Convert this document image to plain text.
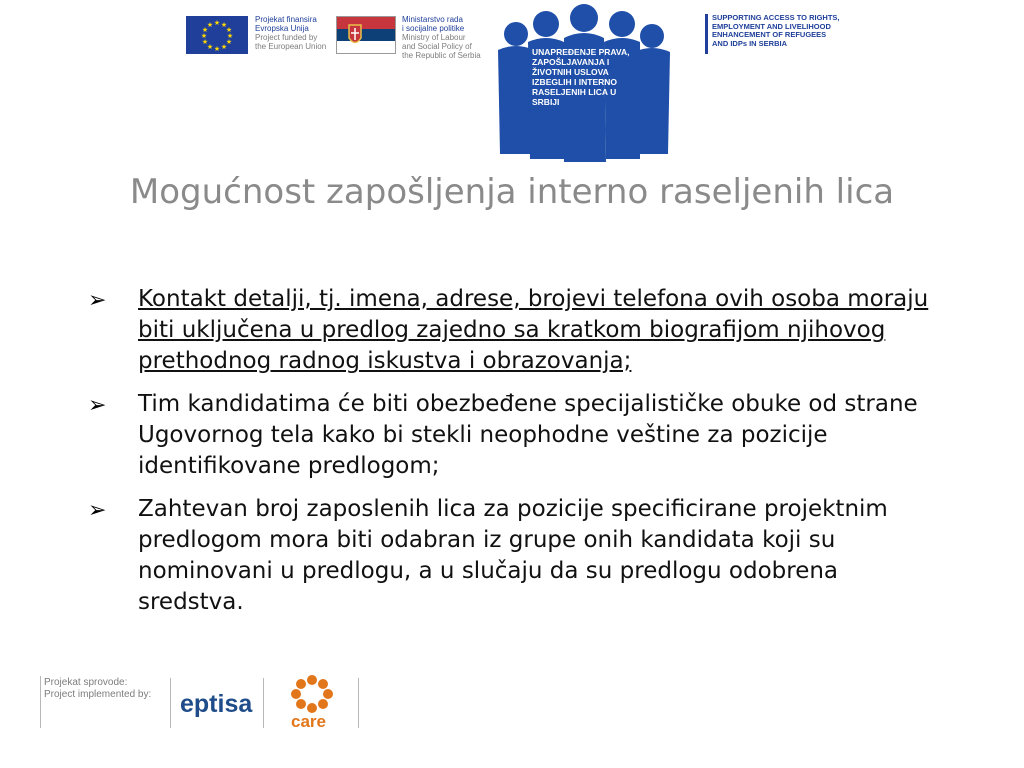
★ ★
★
★
★
★
★
★
★
★
★
★
Projekat finansira
Evropska Unija
Project funded by
the European Union
Ministarstvo rada
i socijalne politike
Ministry of Labour
and Social Policy of
the Republic of Serbia	UNAPREĐENJE PRAVA, ZAPOŠLJAVANJA I ŽIVOTNIH USLOVA IZBEGLIH I INTERNO RASELJENIH LICA U SRBIJI
SUPPORTING ACCESS TO RIGHTS, EMPLOYMENT AND LIVELIHOOD ENHANCEMENT OF REFUGEES AND IDPs IN SERBIA
Mogućnost zapošljenja interno raseljenih lica
➢	Kontakt detalji, tj. imena, adrese, brojevi telefona ovih osoba moraju biti uključena u predlog zajedno sa kratkom biografijom njihovog prethodnog radnog iskustva i obrazovanja;
➢	Tim kandidatima će biti obezbeđene specijalističke obuke od strane Ugovornog tela kako bi stekli neophodne veštine za pozicije identifikovane predlogom;
➢	Zahtevan broj zaposlenih lica za pozicije specificirane projektnim predlogom mora biti odabran iz grupe onih kandidata koji su nominovani u predlogu, a u slučaju da su predlogu odobrena sredstva.
Projekat sprovode:
Project implemented by: eptisa
care
